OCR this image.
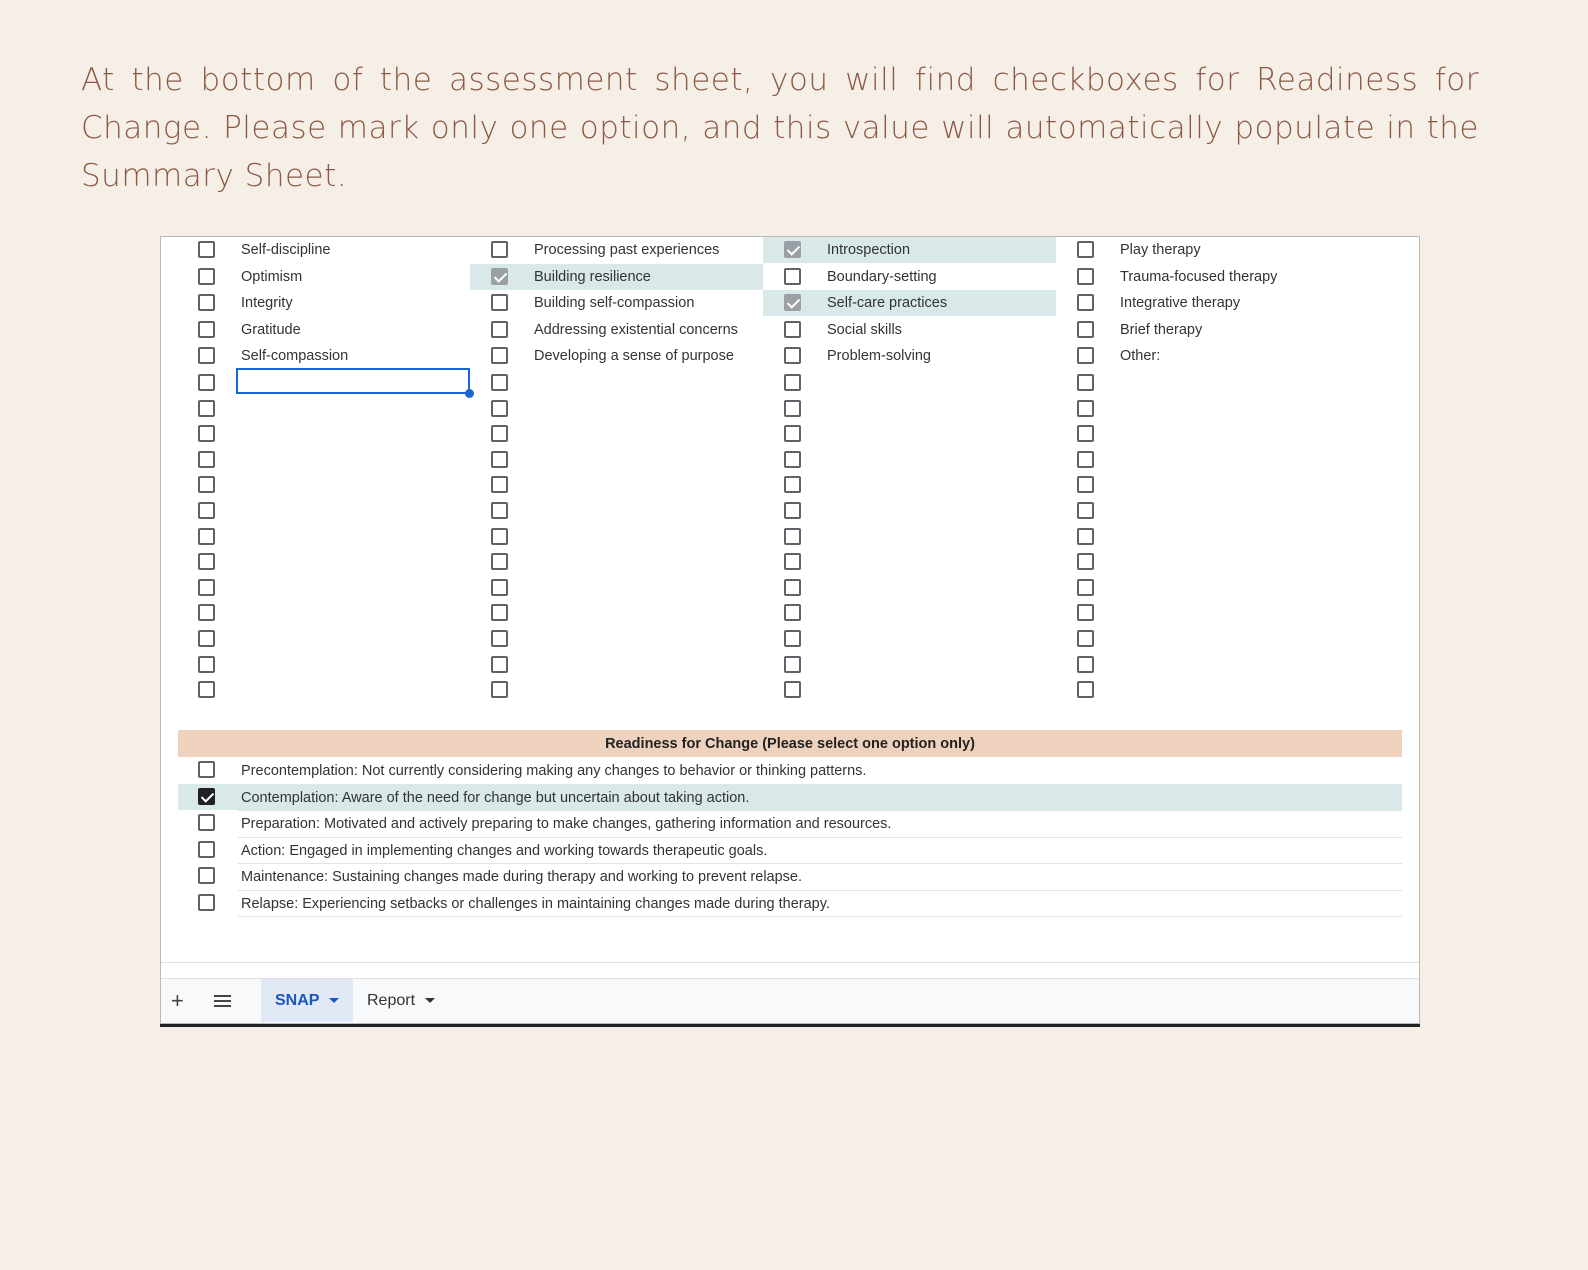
At the bottom of the assessment sheet, you will find checkboxes for Readiness for Change. Please mark only one option, and this value will automatically populate in the Summary Sheet.

Self-discipline
Optimism
Integrity
Gratitude
Self-compassion
Processing past experiences
Building resilience
Building self-compassion
Addressing existential concerns
Developing a sense of purpose
Introspection
Boundary-setting
Self-care practices
Social skills
Problem-solving
Play therapy
Trauma-focused therapy
Integrative therapy
Brief therapy
Other:
Readiness for Change (Please select one option only)
Precontemplation: Not currently considering making any changes to behavior or thinking patterns.
Contemplation: Aware of the need for change but uncertain about taking action.
Preparation: Motivated and actively preparing to make changes, gathering information and resources.
Action: Engaged in implementing changes and working towards therapeutic goals.
Maintenance: Sustaining changes made during therapy and working to prevent relapse.
Relapse: Experiencing setbacks or challenges in maintaining changes made during therapy.
+	SNAP	Report
